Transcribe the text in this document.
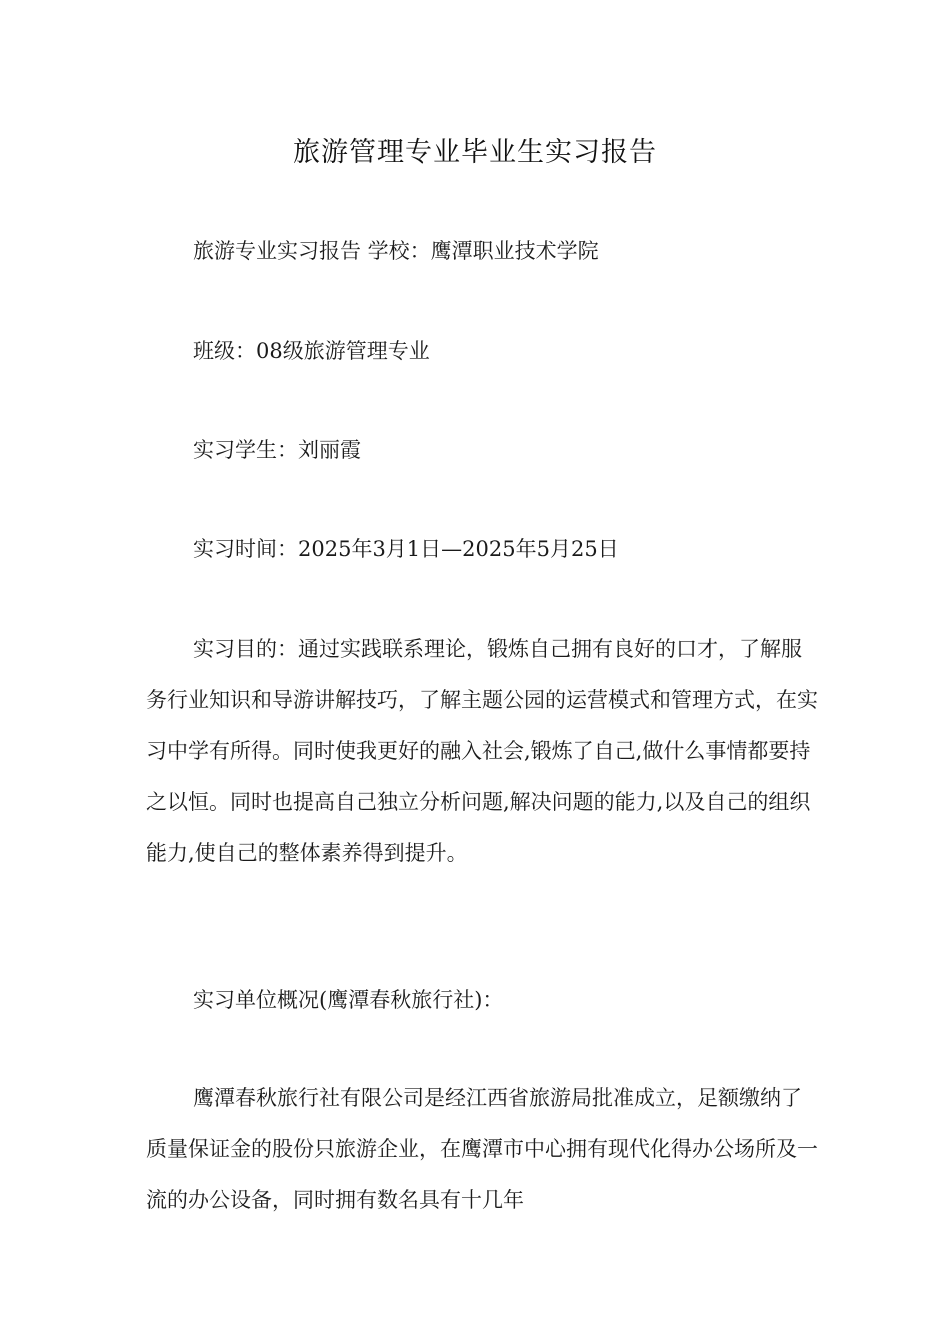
旅游管理专业毕业生实习报告

旅游专业实习报告 学校：鹰潭职业技术学院

班级：08级旅游管理专业

实习学生：刘丽霞

实习时间：2025年3月1日—2025年5月25日

实习目的：通过实践联系理论，锻炼自己拥有良好的口才，了解服务行业知识和导游讲解技巧，了解主题公园的运营模式和管理方式，在实习中学有所得。同时使我更好的融入社会,锻炼了自己,做什么事情都要持之以恒。同时也提高自己独立分析问题,解决问题的能力,以及自己的组织能力,使自己的整体素养得到提升。

实习单位概况(鹰潭春秋旅行社)：

鹰潭春秋旅行社有限公司是经江西省旅游局批准成立，足额缴纳了质量保证金的股份只旅游企业，在鹰潭市中心拥有现代化得办公场所及一流的办公设备，同时拥有数名具有十几年
